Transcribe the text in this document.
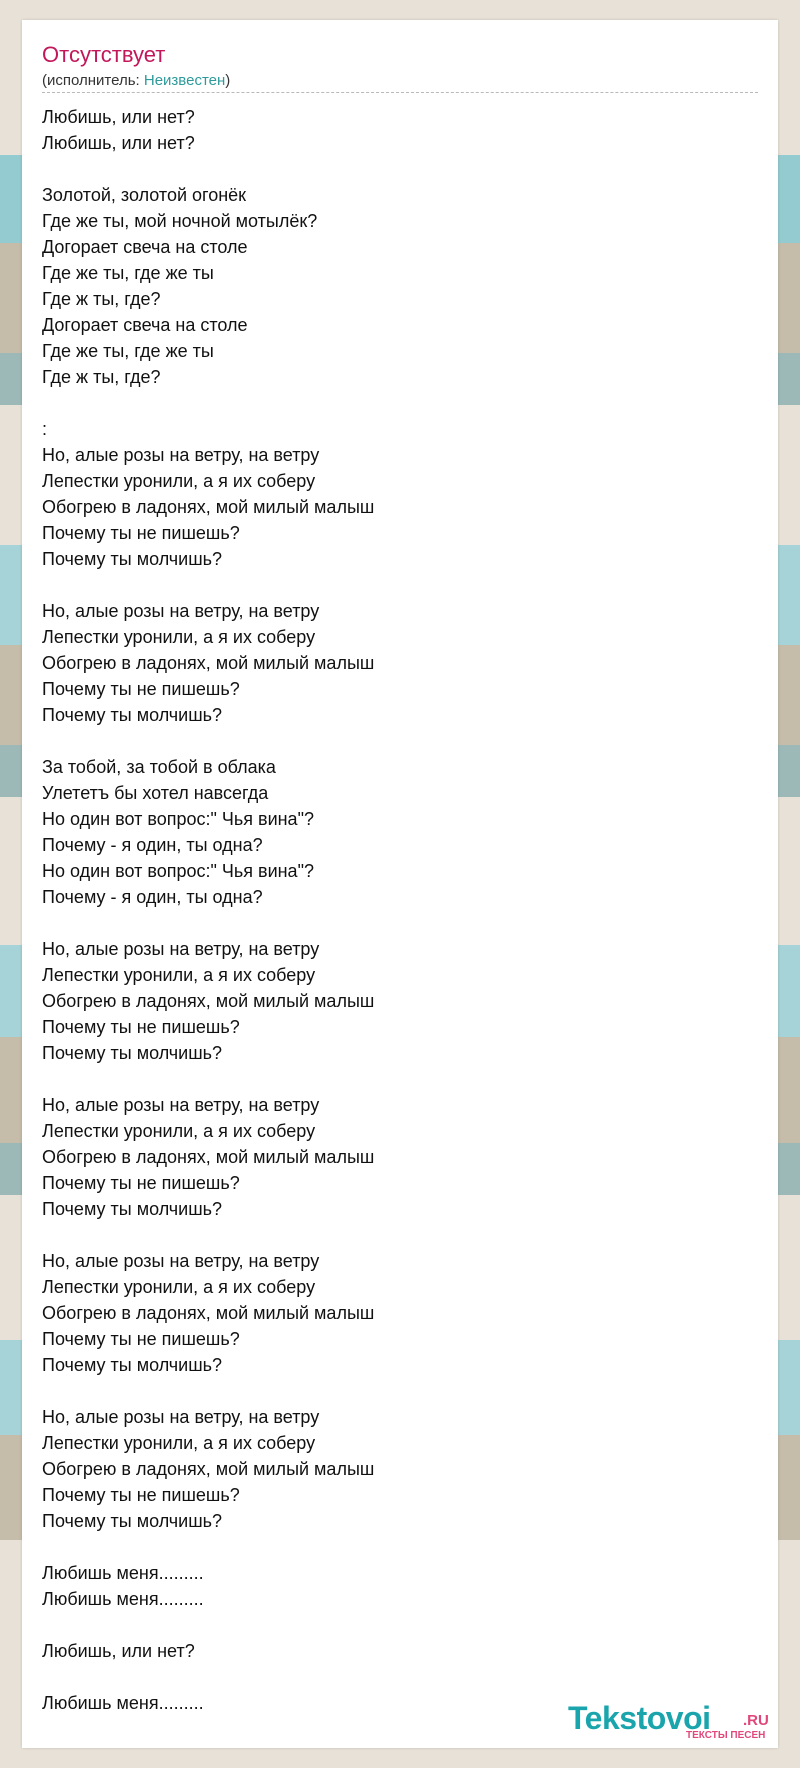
Отсутствует
(исполнитель: Неизвестен)
Любишь, или нет?
Любишь, или нет?
Золотой, золотой огонёк
Где же ты, мой ночной мотылёк?
Догорает свеча на столе
Где же ты, где же ты
Где ж ты, где?
Догорает свеча на столе
Где же ты, где же ты
Где ж ты, где?
:
Но, алые розы на ветру, на ветру
Лепестки уронили, а я их соберу
Обогрею в ладонях, мой милый малыш
Почему ты не пишешь?
Почему ты молчишь?
Но, алые розы на ветру, на ветру
Лепестки уронили, а я их соберу
Обогрею в ладонях, мой милый малыш
Почему ты не пишешь?
Почему ты молчишь?
За тобой, за тобой в облака
Улететъ бы хотел навсегда
Но один вот вопрос:" Чья вина"?
Почему - я один, ты одна?
Но один вот вопрос:" Чья вина"?
Почему - я один, ты одна?
Но, алые розы на ветру, на ветру
Лепестки уронили, а я их соберу
Обогрею в ладонях, мой милый малыш
Почему ты не пишешь?
Почему ты молчишь?
Но, алые розы на ветру, на ветру
Лепестки уронили, а я их соберу
Обогрею в ладонях, мой милый малыш
Почему ты не пишешь?
Почему ты молчишь?
Но, алые розы на ветру, на ветру
Лепестки уронили, а я их соберу
Обогрею в ладонях, мой милый малыш
Почему ты не пишешь?
Почему ты молчишь?
Но, алые розы на ветру, на ветру
Лепестки уронили, а я их соберу
Обогрею в ладонях, мой милый малыш
Почему ты не пишешь?
Почему ты молчишь?
Любишь меня.........
Любишь меня.........
Любишь, или нет?
Любишь меня.........	Tekstovoi .RU
ТЕКСТЫ ПЕСЕН
